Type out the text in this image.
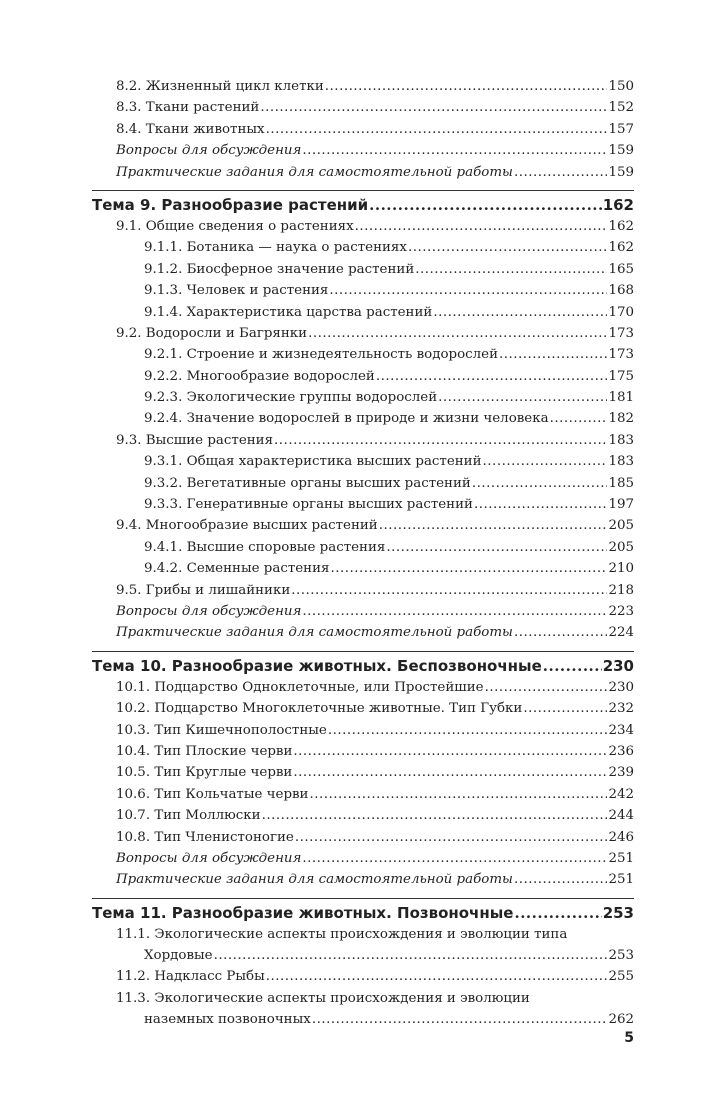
8.2. Жизненный цикл клетки .....	150
8.3. Ткани растений .....	152
8.4. Ткани животных .....	157
Вопросы для обсуждения .....	159
Практические задания для самостоятельной работы .....	159
Тема 9. Разнообразие растений .....	162
9.1. Общие сведения о растениях .....	162
9.1.1. Ботаника — наука о растениях .....	162
9.1.2. Биосферное значение растений .....	165
9.1.3. Человек и растения .....	168
9.1.4. Характеристика царства растений .....	170
9.2. Водоросли и Багрянки .....	173
9.2.1. Строение и жизнедеятельность водорослей .....	173
9.2.2. Многообразие водорослей .....	175
9.2.3. Экологические группы водорослей .....	181
9.2.4. Значение водорослей в природе и жизни человека .....	182
9.3. Высшие растения .....	183
9.3.1. Общая характеристика высших растений .....	183
9.3.2. Вегетативные органы высших растений .....	185
9.3.3. Генеративные органы высших растений .....	197
9.4. Многообразие высших растений .....	205
9.4.1. Высшие споровые растения .....	205
9.4.2. Семенные растения .....	210
9.5. Грибы и лишайники .....	218
Вопросы для обсуждения .....	223
Практические задания для самостоятельной работы .....	224
Тема 10. Разнообразие животных. Беспозвоночные .....	230
10.1. Подцарство Одноклеточные, или Простейшие .....	230
10.2. Подцарство Многоклеточные животные. Тип Губки .....	232
10.3. Тип Кишечнополостные .....	234
10.4. Тип Плоские черви .....	236
10.5. Тип Круглые черви .....	239
10.6. Тип Кольчатые черви .....	242
10.7. Тип Моллюски .....	244
10.8. Тип Членистоногие .....	246
Вопросы для обсуждения .....	251
Практические задания для самостоятельной работы .....	251
Тема 11. Разнообразие животных. Позвоночные .....	253
11.1. Экологические аспекты происхождения и эволюции типа
Хордовые .....	253
11.2. Надкласс Рыбы .....	255
11.3. Экологические аспекты происхождения и эволюции
наземных позвоночных .....	262
5
